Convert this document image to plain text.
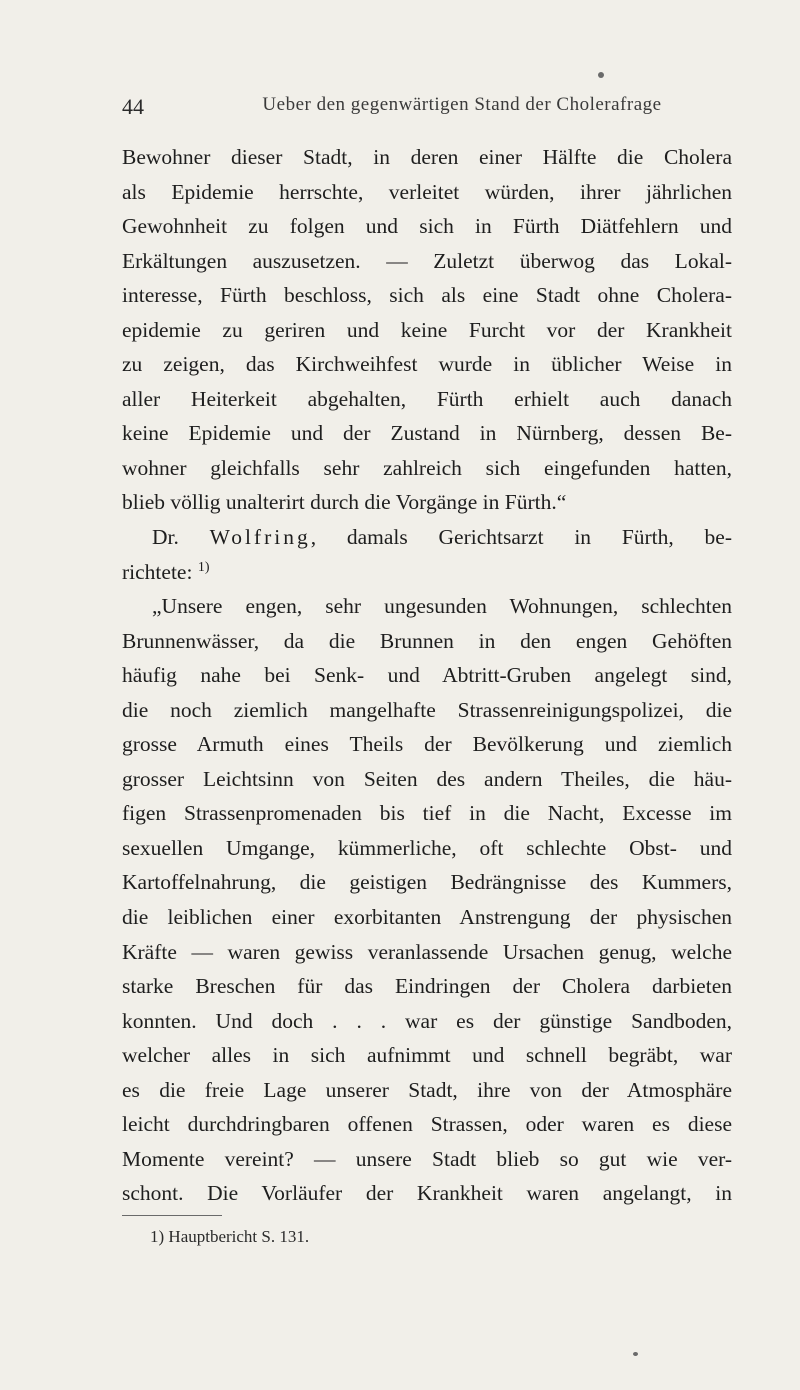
44	Ueber den gegenwärtigen Stand der Cholerafrage
Bewohner dieser Stadt, in deren einer Hälfte die Cholera
als Epidemie herrschte, verleitet würden, ihrer jährlichen
Gewohnheit zu folgen und sich in Fürth Diätfehlern und
Erkältungen auszusetzen. — Zuletzt überwog das Lokal-
interesse, Fürth beschloss, sich als eine Stadt ohne Cholera-
epidemie zu geriren und keine Furcht vor der Krankheit
zu zeigen, das Kirchweihfest wurde in üblicher Weise in
aller Heiterkeit abgehalten, Fürth erhielt auch danach
keine Epidemie und der Zustand in Nürnberg, dessen Be-
wohner gleichfalls sehr zahlreich sich eingefunden hatten,
blieb völlig unalterirt durch die Vorgänge in Fürth.“
Dr. Wolfring, damals Gerichtsarzt in Fürth, be-
richtete: $^{1)}$
„Unsere engen, sehr ungesunden Wohnungen, schlechten
Brunnenwässer, da die Brunnen in den engen Gehöften
häufig nahe bei Senk- und Abtritt-Gruben angelegt sind,
die noch ziemlich mangelhafte Strassenreinigungspolizei, die
grosse Armuth eines Theils der Bevölkerung und ziemlich
grosser Leichtsinn von Seiten des andern Theiles, die häu-
figen Strassenpromenaden bis tief in die Nacht, Excesse im
sexuellen Umgange, kümmerliche, oft schlechte Obst- und
Kartoffelnahrung, die geistigen Bedrängnisse des Kummers,
die leiblichen einer exorbitanten Anstrengung der physischen
Kräfte — waren gewiss veranlassende Ursachen genug, welche
starke Breschen für das Eindringen der Cholera darbieten
konnten. Und doch . . . war es der günstige Sandboden,
welcher alles in sich aufnimmt und schnell begräbt, war
es die freie Lage unserer Stadt, ihre von der Atmosphäre
leicht durchdringbaren offenen Strassen, oder waren es diese
Momente vereint? — unsere Stadt blieb so gut wie ver-
schont. Die Vorläufer der Krankheit waren angelangt, in
1) Hauptbericht S. 131.
